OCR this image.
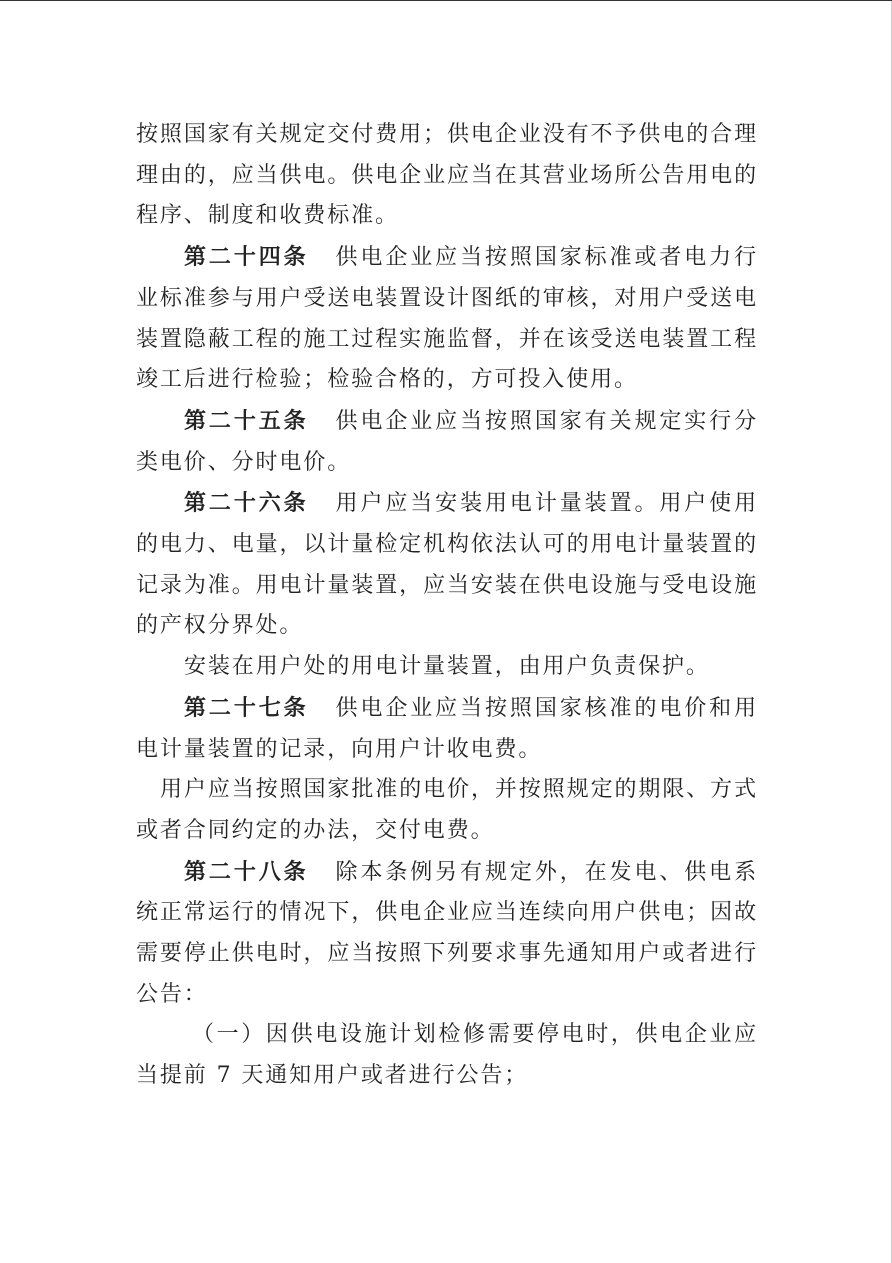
按照国家有关规定交付费用；供电企业没有不予供电的合理理由的，应当供电。供电企业应当在其营业场所公告用电的程序、制度和收费标准。

第二十四条 供电企业应当按照国家标准或者电力行业标准参与用户受送电装置设计图纸的审核，对用户受送电装置隐蔽工程的施工过程实施监督，并在该受送电装置工程竣工后进行检验；检验合格的，方可投入使用。

第二十五条 供电企业应当按照国家有关规定实行分类电价、分时电价。

第二十六条 用户应当安装用电计量装置。用户使用的电力、电量，以计量检定机构依法认可的用电计量装置的记录为准。用电计量装置，应当安装在供电设施与受电设施的产权分界处。

安装在用户处的用电计量装置，由用户负责保护。

第二十七条 供电企业应当按照国家核准的电价和用电计量装置的记录，向用户计收电费。

用户应当按照国家批准的电价，并按照规定的期限、方式或者合同约定的办法，交付电费。

第二十八条 除本条例另有规定外，在发电、供电系统正常运行的情况下，供电企业应当连续向用户供电；因故需要停止供电时，应当按照下列要求事先通知用户或者进行公告：

（一）因供电设施计划检修需要停电时，供电企业应当提前 7 天通知用户或者进行公告；
